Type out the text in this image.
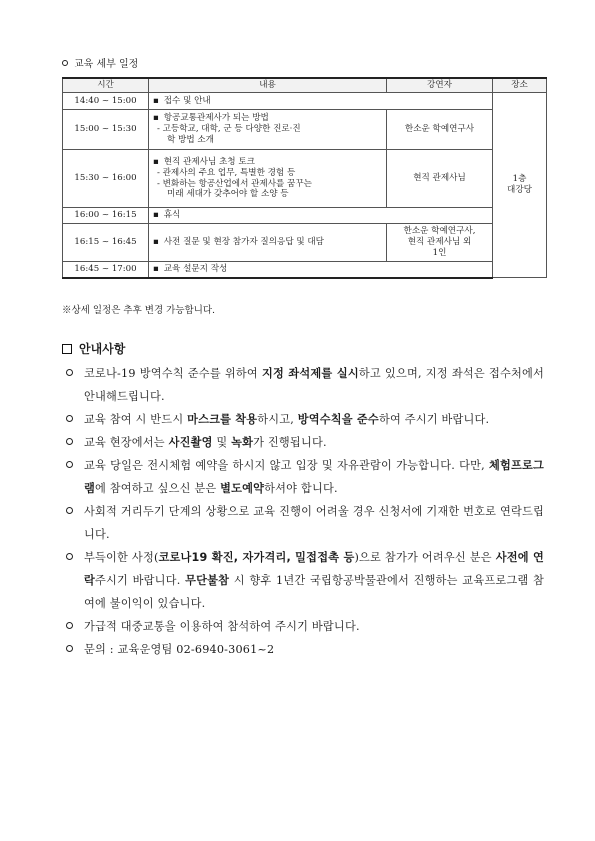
교육 세부 일정
시간	내용	강연자	장소
14:40 ~ 15:00	▪ 접수 및 안내		1층
대강당
15:00 ~ 15:30	▪ 항공교통관제사가 되는 방법
- 고등학교, 대학, 군 등 다양한 진로·진
학 방법 소개	한소운 학예연구사	
15:30 ~ 16:00	▪ 현직 관제사님 초청 토크
- 관제사의 주요 업무, 특별한 경험 등
- 변화하는 항공산업에서 관제사를 꿈꾸는
미래 세대가 갖추어야 할 소양 등	현직 관제사님	
16:00 ~ 16:15	▪ 휴식		

16:15 ~ 16:45	▪ 사전 질문 및 현장 참가자 질의응답 및 대담	한소운 학예연구사,
현직 관제사님 외
1인	
16:45 ~ 17:00	▪ 교육 설문지 작성		
※상세 일정은 추후 변경 가능합니다.
안내사항
코로나-19 방역수칙 준수를 위하여 지정 좌석제를 실시하고 있으며, 지정 좌석은 접수처에서 안내해드립니다.
교육 참여 시 반드시 마스크를 착용하시고, 방역수칙을 준수하여 주시기 바랍니다.
교육 현장에서는 사진촬영 및 녹화가 진행됩니다.
교육 당일은 전시체험 예약을 하시지 않고 입장 및 자유관람이 가능합니다. 다만, 체험프로그램에 참여하고 싶으신 분은 별도예약하셔야 합니다.
사회적 거리두기 단계의 상황으로 교육 진행이 어려울 경우 신청서에 기재한 번호로 연락드립니다.
부득이한 사정(코로나19 확진, 자가격리, 밀접접촉 등)으로 참가가 어려우신 분은 사전에 연락주시기 바랍니다. 무단불참 시 향후 1년간 국립항공박물관에서 진행하는 교육프로그램 참여에 불이익이 있습니다.
가급적 대중교통을 이용하여 참석하여 주시기 바랍니다.
문의 : 교육운영팀 02-6940-3061~2
